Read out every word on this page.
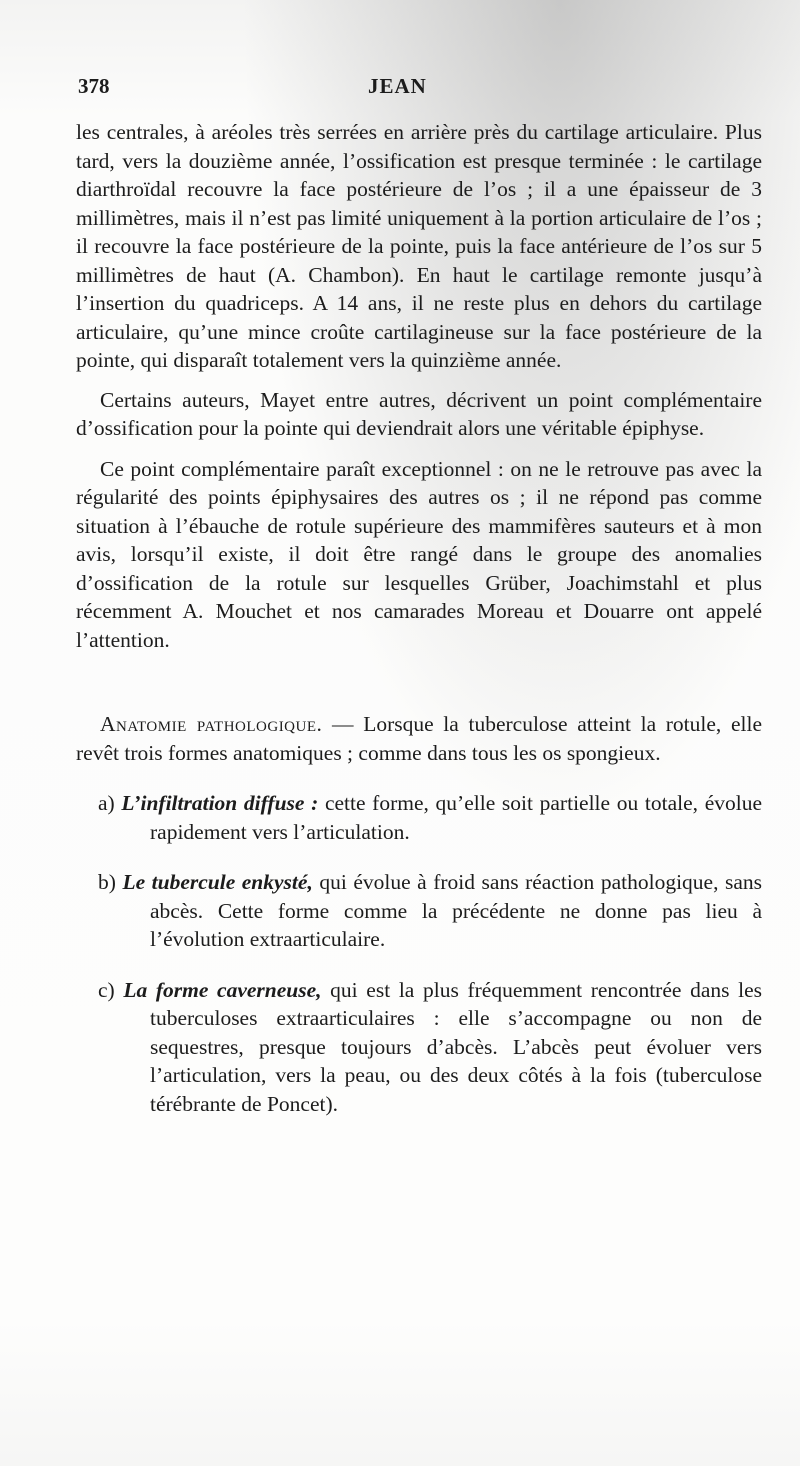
378	JEAN

les centrales, à aréoles très serrées en arrière près du cartilage articulaire. Plus tard, vers la douzième année, l’ossification est presque terminée : le cartilage diarthroïdal recouvre la face postérieure de l’os ; il a une épaisseur de 3 millimètres, mais il n’est pas limité uniquement à la portion articulaire de l’os ; il recouvre la face postérieure de la pointe, puis la face antérieure de l’os sur 5 millimètres de haut (A. Chambon). En haut le cartilage remonte jusqu’à l’insertion du quadriceps. A 14 ans, il ne reste plus en dehors du cartilage articulaire, qu’une mince croûte cartilagineuse sur la face postérieure de la pointe, qui disparaît totalement vers la quinzième année.

Certains auteurs, Mayet entre autres, décrivent un point complémentaire d’ossification pour la pointe qui deviendrait alors une véritable épiphyse.

Ce point complémentaire paraît exceptionnel : on ne le retrouve pas avec la régularité des points épiphysaires des autres os ; il ne répond pas comme situation à l’ébauche de rotule supérieure des mammifères sauteurs et à mon avis, lorsqu’il existe, il doit être rangé dans le groupe des anomalies d’ossification de la rotule sur lesquelles Grüber, Joachimstahl et plus récemment A. Mouchet et nos camarades Moreau et Douarre ont appelé l’attention.

Anatomie pathologique. — Lorsque la tuberculose atteint la rotule, elle revêt trois formes anatomiques ; comme dans tous les os spongieux.

a) L’infiltration diffuse : cette forme, qu’elle soit partielle ou totale, évolue rapidement vers l’articulation.

b) Le tubercule enkysté, qui évolue à froid sans réaction pathologique, sans abcès. Cette forme comme la précédente ne donne pas lieu à l’évolution extraarticulaire.

c) La forme caverneuse, qui est la plus fréquemment rencontrée dans les tuberculoses extraarticulaires : elle s’accompagne ou non de sequestres, presque toujours d’abcès. L’abcès peut évoluer vers l’articulation, vers la peau, ou des deux côtés à la fois (tuberculose térébrante de Poncet).
